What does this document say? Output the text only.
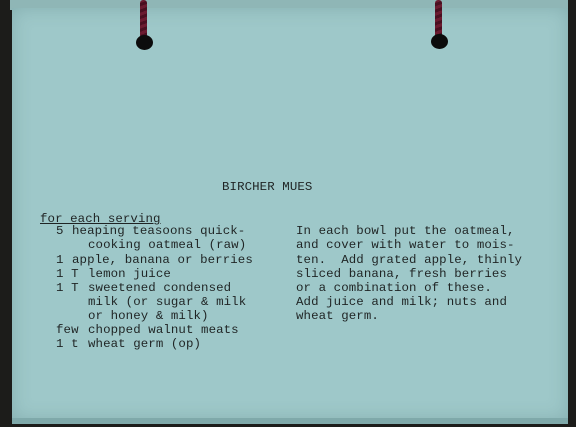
BIRCHER MUES
for each serving
5 heaping teasoons quick-
cooking oatmeal (raw)
1 apple, banana or berries
1 T lemon juice
1 T sweetened condensed
milk (or sugar & milk
or honey & milk)
few chopped walnut meats
1 t wheat germ (op)
In each bowl put the oatmeal,
and cover with water to mois-
ten.  Add grated apple, thinly
sliced banana, fresh berries
or a combination of these.
Add juice and milk; nuts and
wheat germ.
